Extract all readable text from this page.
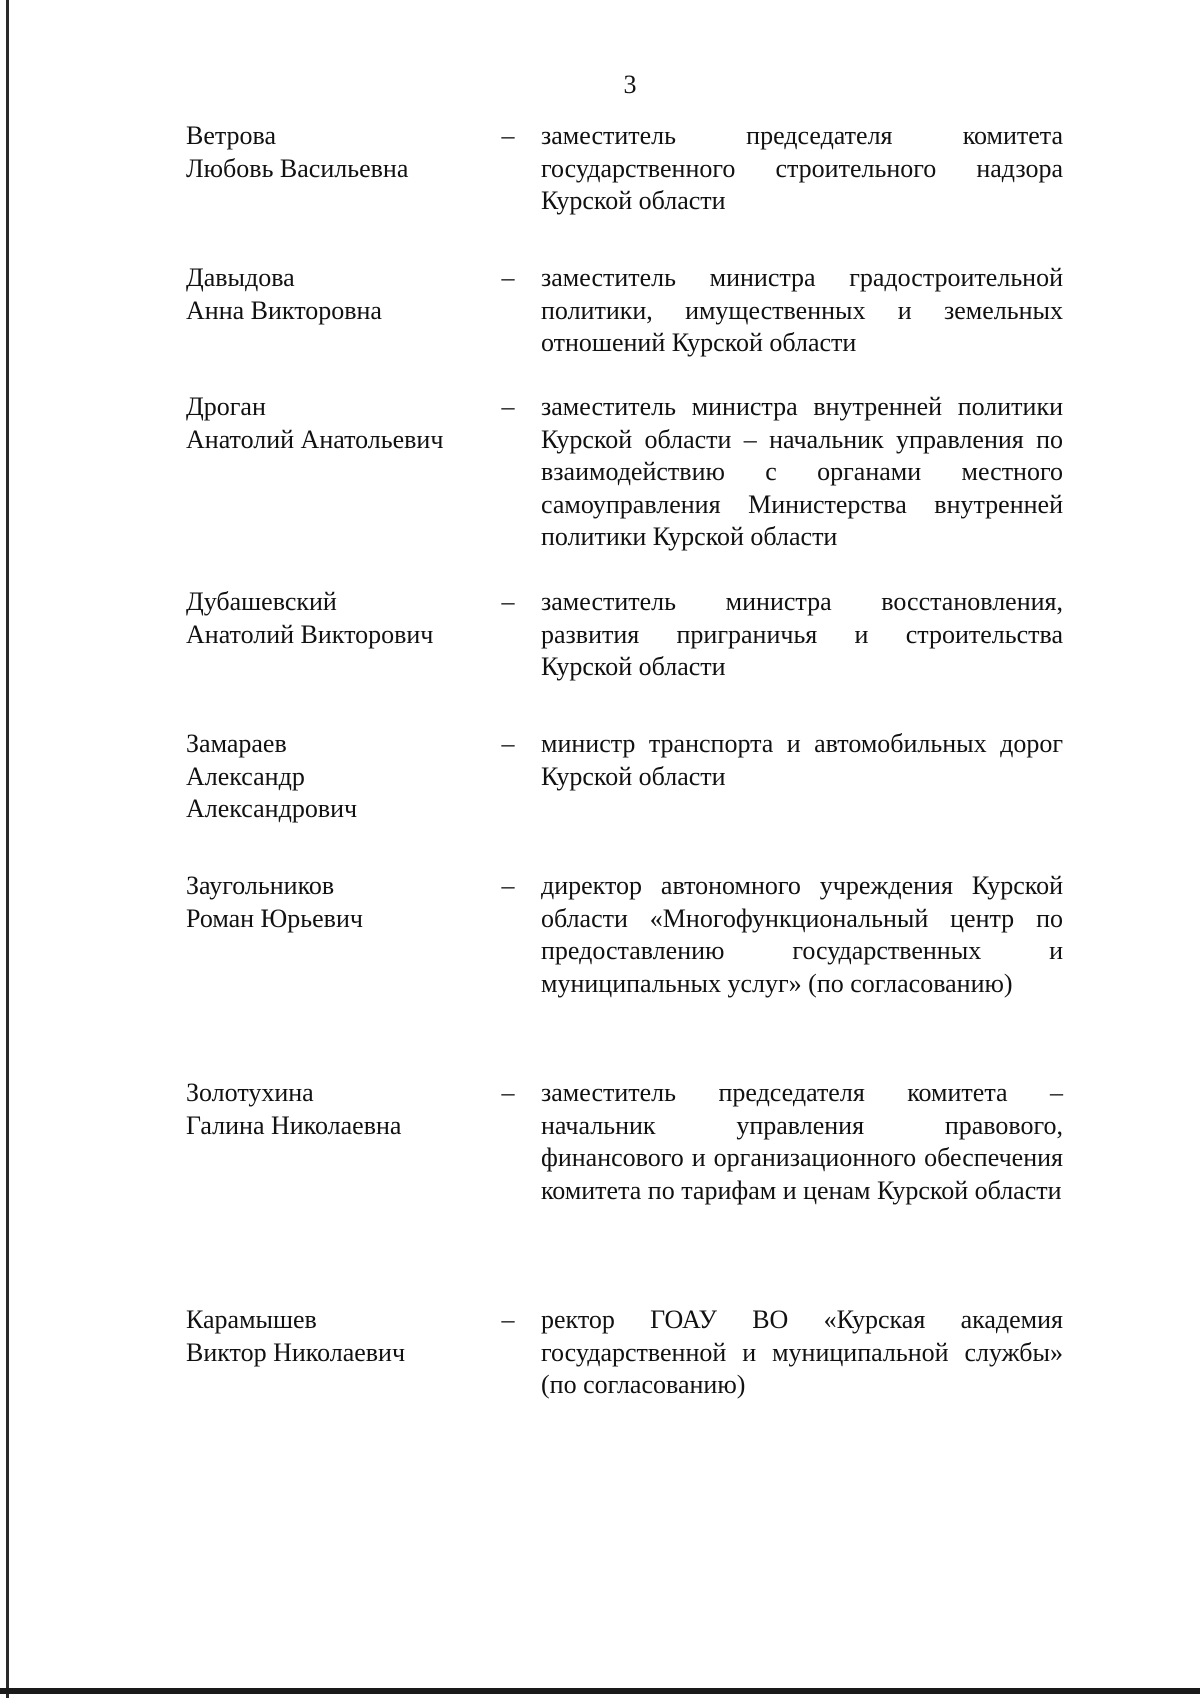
3
Ветрова
Любовь Васильевна
– заместитель председателя комитета государственного строительного надзора Курской области
Давыдова
Анна Викторовна
– заместитель министра градостроительной политики, имущественных и земельных отношений Курской области
Дроган
Анатолий Анатольевич
– заместитель министра внутренней политики Курской области – начальник управления по взаимодействию с органами местного самоуправления Министерства внутренней политики Курской области
Дубашевский
Анатолий Викторович
– заместитель министра восстановления, развития приграничья и строительства Курской области
Замараев
Александр
Александрович
– министр транспорта и автомобильных дорог Курской области
Заугольников
Роман Юрьевич
– директор автономного учреждения Курской области «Многофункциональный центр по предоставлению государственных и муниципальных услуг» (по согласованию)
Золотухина
Галина Николаевна
– заместитель председателя комитета – начальник управления правового, финансового и организационного обеспечения комитета по тарифам и ценам Курской области
Карамышев
Виктор Николаевич
– ректор ГОАУ ВО «Курская академия государственной и муниципальной службы» (по согласованию)
